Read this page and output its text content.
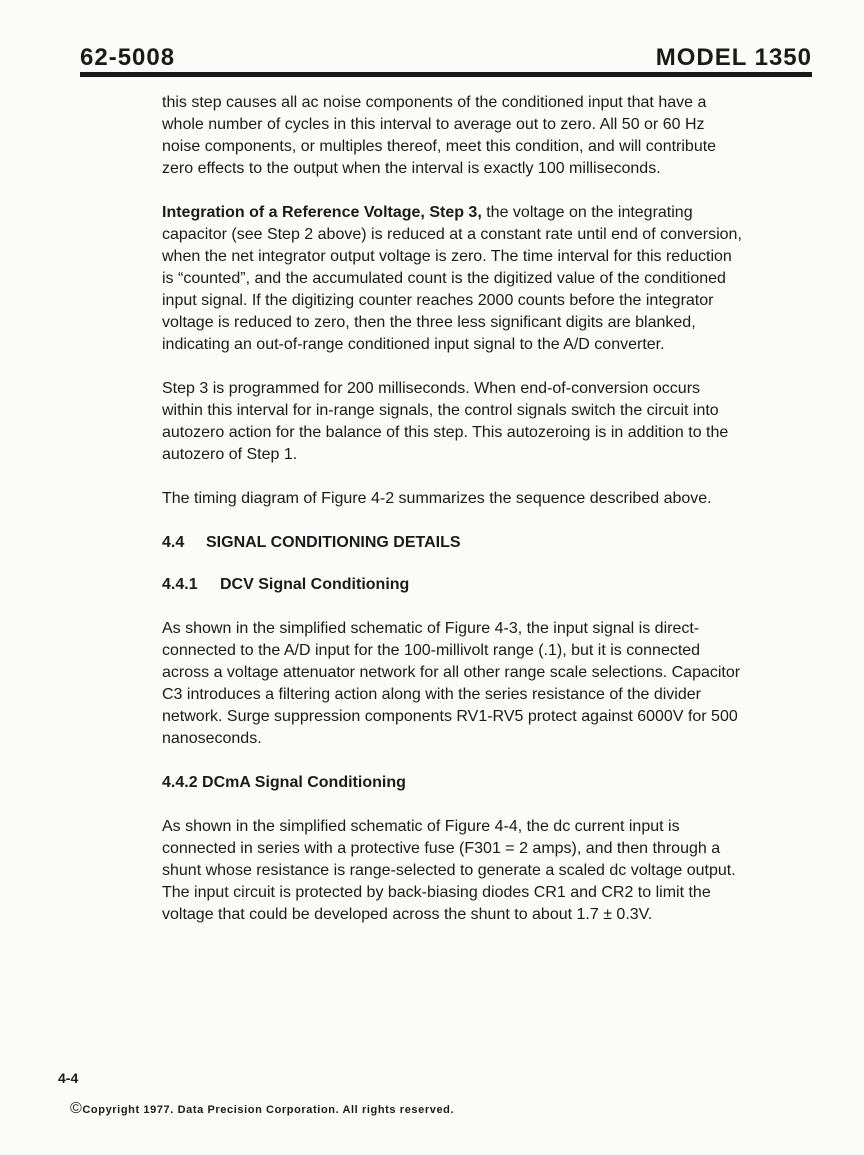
62-5008	MODEL 1350

this step causes all ac noise components of the conditioned input that have a whole number of cycles in this interval to average out to zero. All 50 or 60 Hz noise components, or multiples thereof, meet this condition, and will contribute zero effects to the output when the interval is exactly 100 milliseconds.

Integration of a Reference Voltage, Step 3, the voltage on the integrating capacitor (see Step 2 above) is reduced at a constant rate until end of conversion, when the net integrator output voltage is zero. The time interval for this reduction is “counted”, and the accumulated count is the digitized value of the conditioned input signal. If the digitizing counter reaches 2000 counts before the integrator voltage is reduced to zero, then the three less significant digits are blanked, indicating an out-of-range conditioned input signal to the A/D converter.

Step 3 is programmed for 200 milliseconds. When end-of-conversion occurs within this interval for in-range signals, the control signals switch the circuit into autozero action for the balance of this step. This autozeroing is in addition to the autozero of Step 1.

The timing diagram of Figure 4-2 summarizes the sequence described above.

4.4 SIGNAL CONDITIONING DETAILS
4.4.1 DCV Signal Conditioning

As shown in the simplified schematic of Figure 4-3, the input signal is direct-connected to the A/D input for the 100-millivolt range (.1), but it is connected across a voltage attenuator network for all other range scale selections. Capacitor C3 introduces a filtering action along with the series resistance of the divider network. Surge suppression components RV1-RV5 protect against 6000V for 500 nanoseconds.

4.4.2 DCmA Signal Conditioning

As shown in the simplified schematic of Figure 4-4, the dc current input is connected in series with a protective fuse (F301 = 2 amps), and then through a shunt whose resistance is range-selected to generate a scaled dc voltage output. The input circuit is protected by back-biasing diodes CR1 and CR2 to limit the voltage that could be developed across the shunt to about 1.7 ± 0.3V.

4-4
©Copyright 1977. Data Precision Corporation. All rights reserved.
